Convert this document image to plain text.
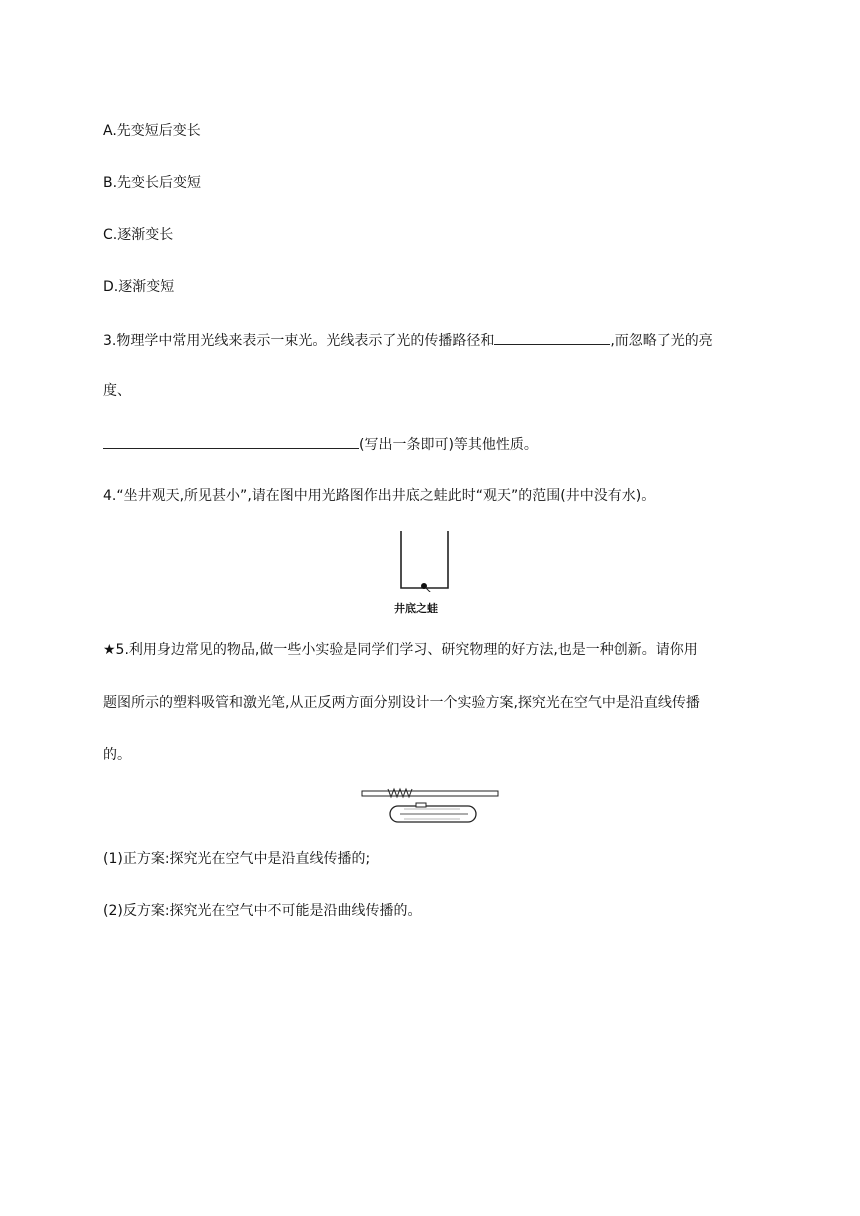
A.先变短后变长
B.先变长后变短
C.逐渐变长
D.逐渐变短
3.物理学中常用光线来表示一束光。光线表示了光的传播路径和	,而忽略了光的亮
度、
(写出一条即可)等其他性质。
4.“坐井观天,所见甚小”,请在图中用光路图作出井底之蛙此时“观天”的范围(井中没有水)。
井底之蛙
★5.利用身边常见的物品,做一些小实验是同学们学习、研究物理的好方法,也是一种创新。请你用
题图所示的塑料吸管和激光笔,从正反两方面分别设计一个实验方案,探究光在空气中是沿直线传播
的。
(1)正方案:探究光在空气中是沿直线传播的;
(2)反方案:探究光在空气中不可能是沿曲线传播的。
